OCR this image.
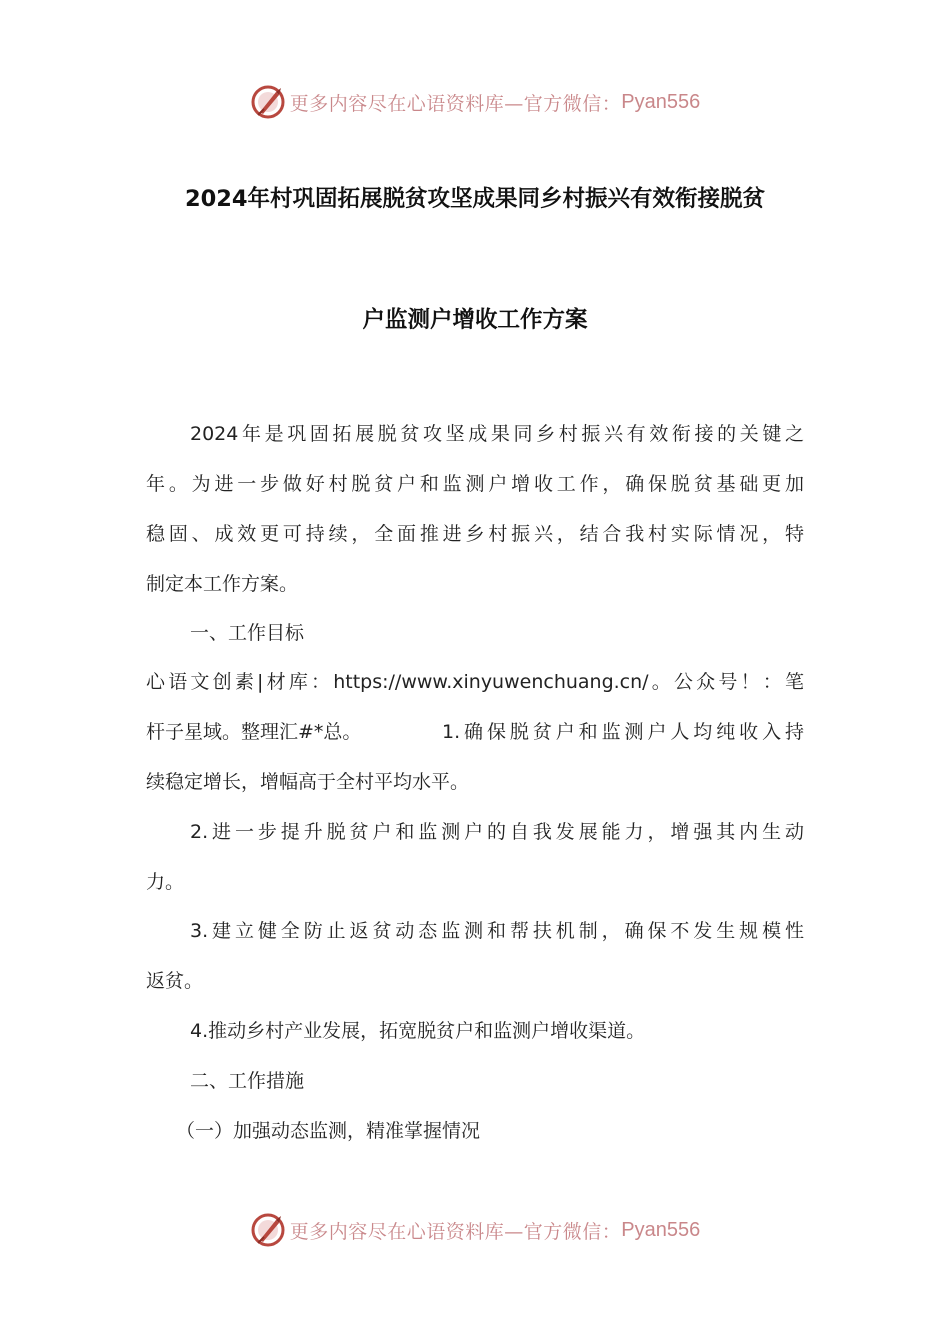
更多内容尽在心语资料库—官方微信： Pyan556
2024年村巩固拓展脱贫攻坚成果同乡村振兴有效衔接脱贫
户监测户增收工作方案
2024年是巩固拓展脱贫攻坚成果同乡村振兴有效衔接的关键之
年。为进一步做好村脱贫户和监测户增收工作，确保脱贫基础更加
稳固、成效更可持续，全面推进乡村振兴，结合我村实际情况，特
制定本工作方案。
一、工作目标
心语文创素|材库：https://www.xinyuwenchuang.cn/。公众号！：笔
杆子星域。整理汇#*总。	1.确保脱贫户和监测户人均纯收入持
续稳定增长，增幅高于全村平均水平。
2.进一步提升脱贫户和监测户的自我发展能力，增强其内生动
力。
3.建立健全防止返贫动态监测和帮扶机制，确保不发生规模性
返贫。
4.推动乡村产业发展，拓宽脱贫户和监测户增收渠道。
二、工作措施
（一）加强动态监测，精准掌握情况
更多内容尽在心语资料库—官方微信： Pyan556
